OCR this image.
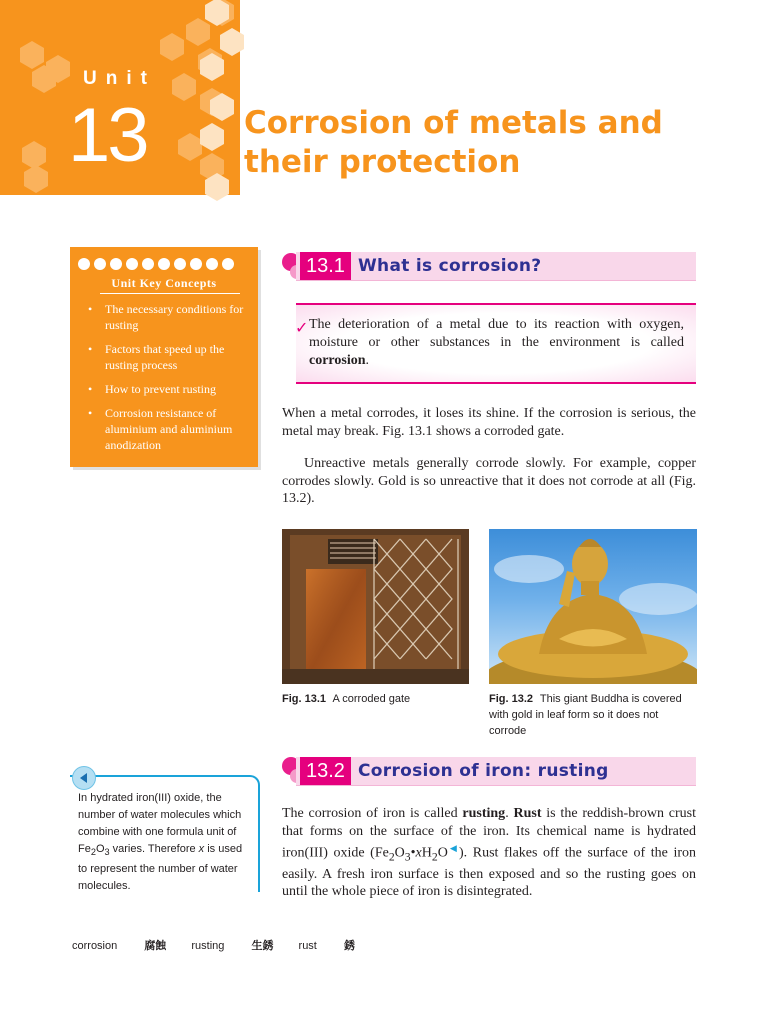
Unit
13	Corrosion of metals and
their protection
Unit Key Concepts
• The necessary conditions for rusting
• Factors that speed up the rusting process
• How to prevent rusting
• Corrosion resistance of aluminium and aluminium anodization
13.1 What is corrosion?
✓ The deterioration of a metal due to its reaction with oxygen, moisture or other substances in the environment is called corrosion.
When a metal corrodes, it loses its shine. If the corrosion is serious, the metal may break. Fig. 13.1 shows a corroded gate.
Unreactive metals generally corrode slowly. For example, copper corrodes slowly. Gold is so unreactive that it does not corrode at all (Fig. 13.2).
Fig. 13.1 A corroded gate	Fig. 13.2 This giant Buddha is covered with gold in leaf form so it does not corrode
13.2 Corrosion of iron: rusting
The corrosion of iron is called rusting. Rust is the reddish-brown crust that forms on the surface of the iron. Its chemical name is hydrated iron(III) oxide $(Fe_2O_3•xH_2O^◀)$. Rust flakes off the surface of the iron easily. A fresh iron surface is then exposed and so the rusting goes on until the whole piece of iron is disintegrated.
In hydrated iron(III) oxide, the number of water molecules which combine with one formula unit of $Fe_2O_3$ varies. Therefore x is used to represent the number of water molecules.
corrosion 腐蝕 rusting 生銹 rust 銹
